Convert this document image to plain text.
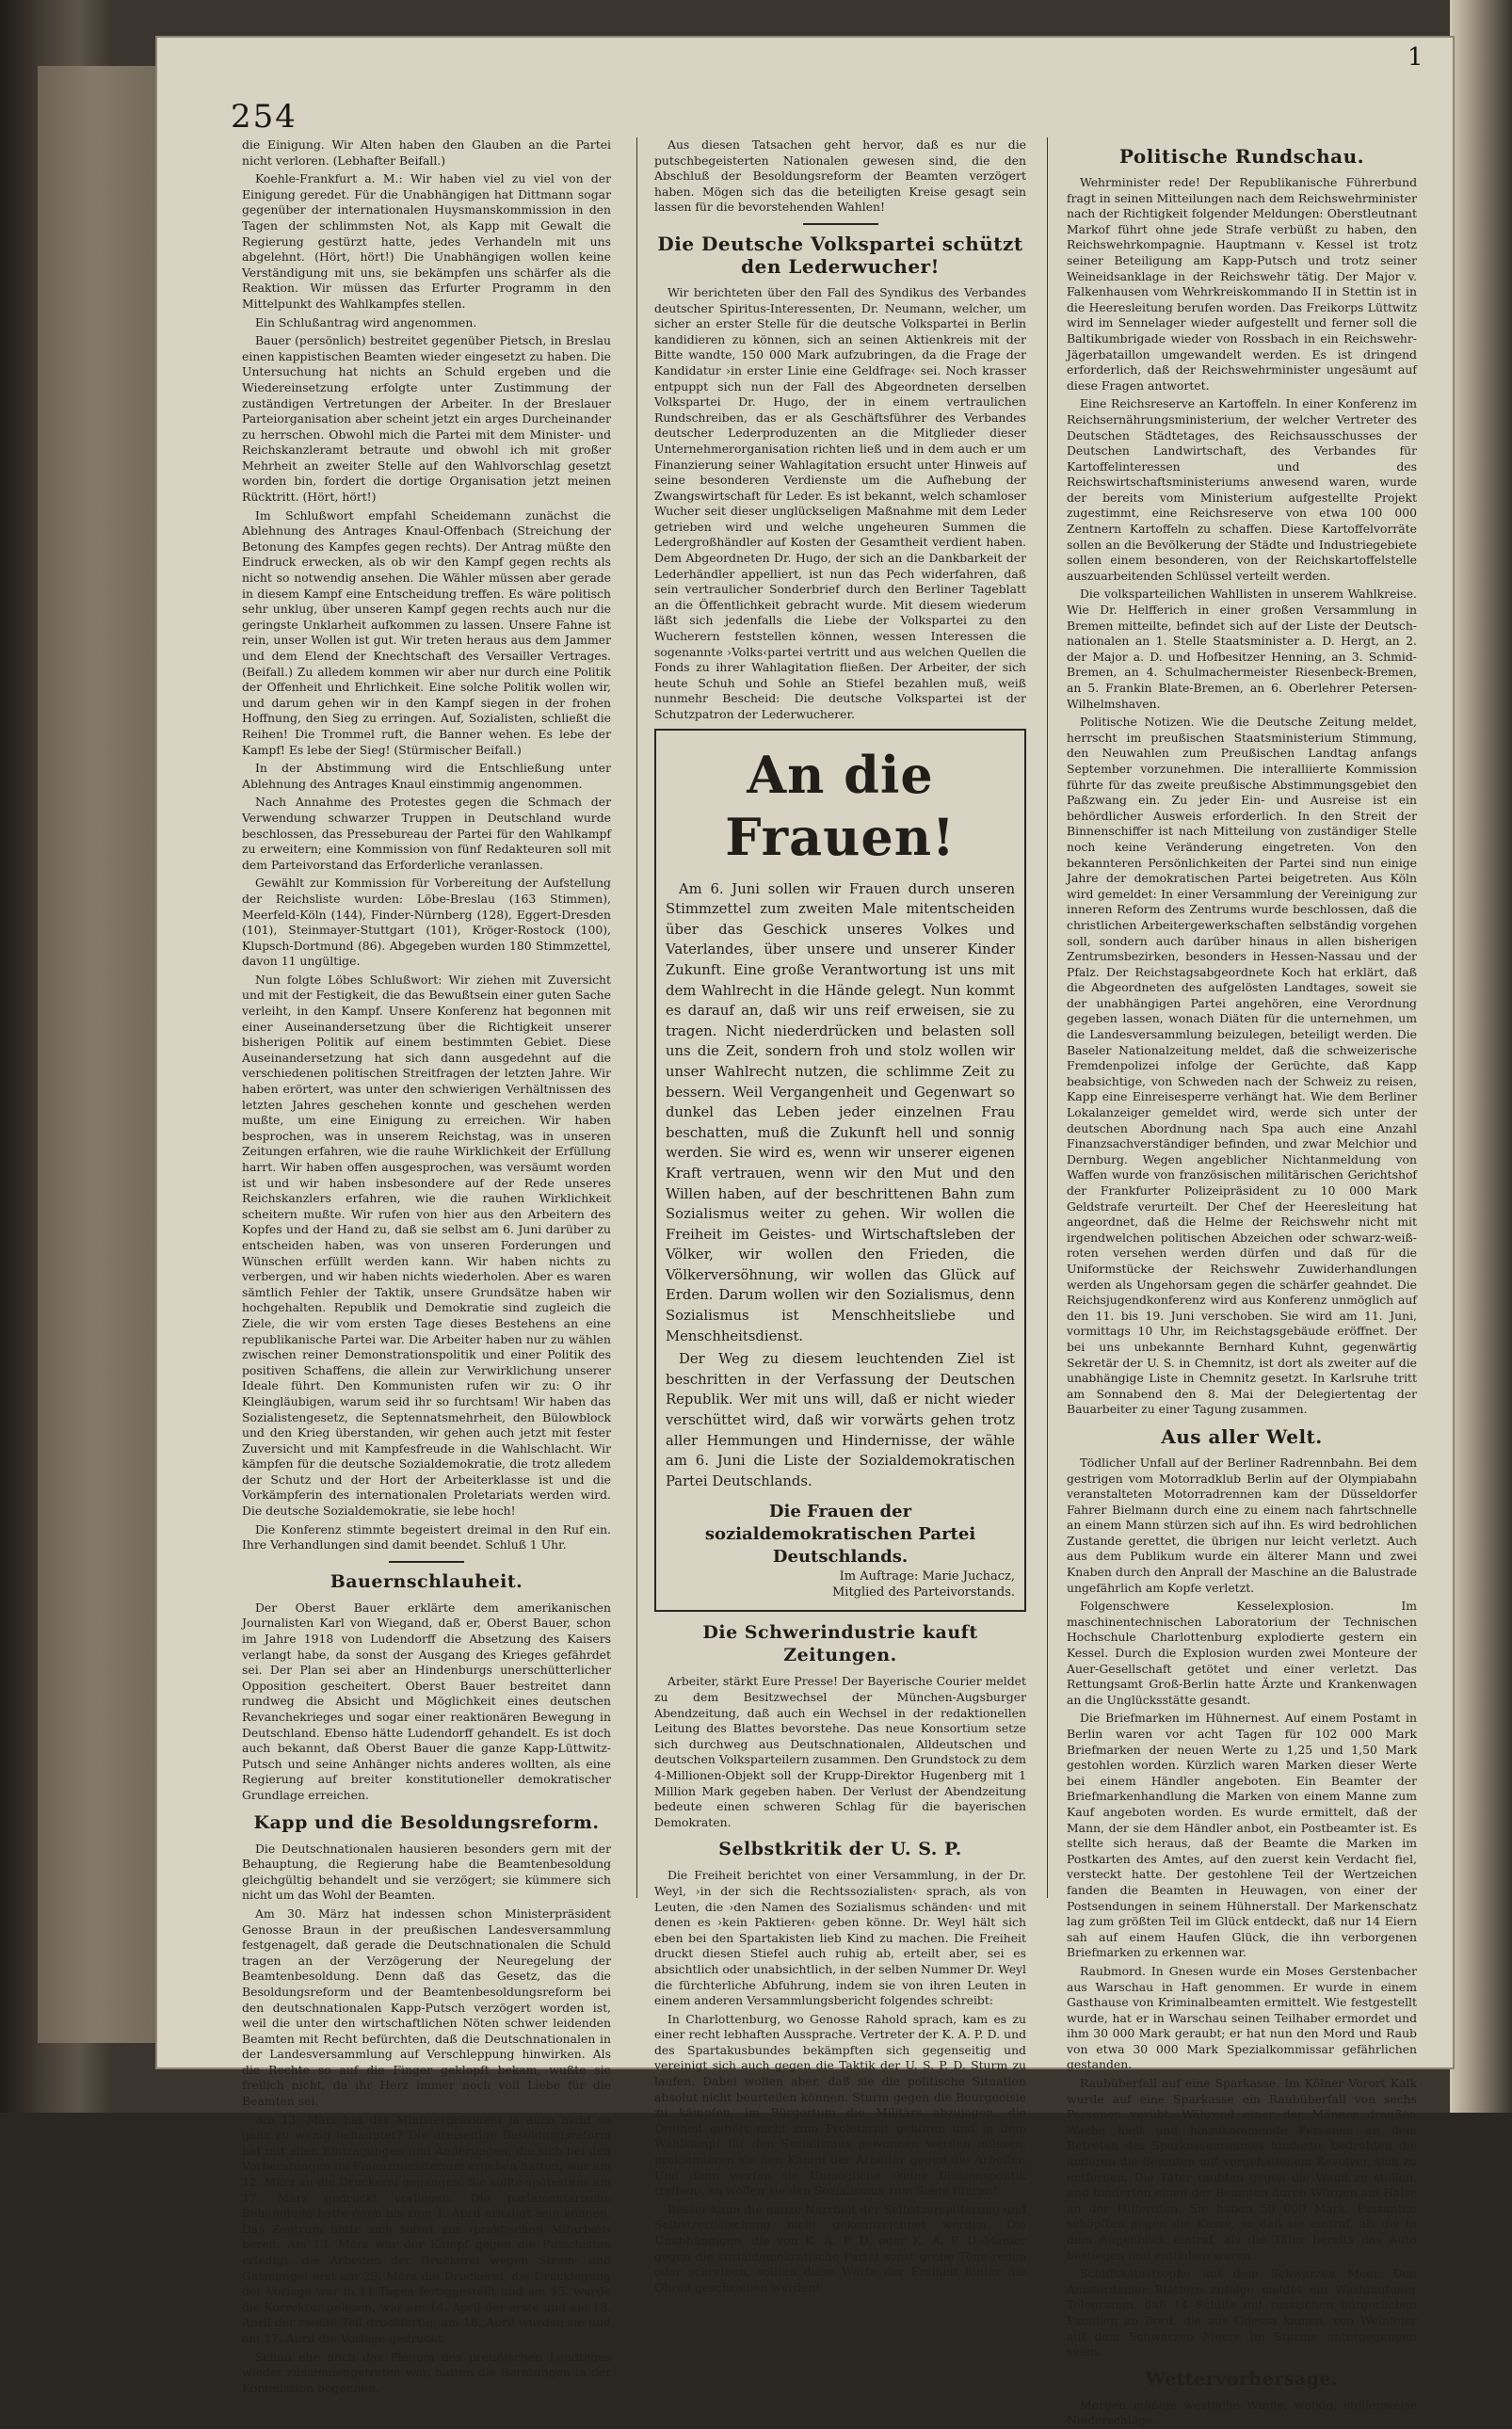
254
1

die Einigung. Wir Alten haben den Glauben an die Partei nicht verloren. (Lebhafter Beifall.)

Koehle-Frankfurt a. M.: Wir haben viel zu viel von der Einigung geredet. Für die Unabhängigen hat Dittmann sogar gegenüber der internationalen Huysmanskommission in den Tagen der schlimmsten Not, als Kapp mit Gewalt die Regierung gestürzt hatte, jedes Verhandeln mit uns abgelehnt. (Hört, hört!) Die Unabhängigen wollen keine Verständigung mit uns, sie bekämpfen uns schärfer als die Reaktion. Wir müssen das Erfurter Programm in den Mittelpunkt des Wahlkampfes stellen.

Ein Schlußantrag wird angenommen.

Bauer (persönlich) bestreitet gegenüber Pietsch, in Breslau einen kappistischen Beamten wieder eingesetzt zu haben. Die Untersuchung hat nichts an Schuld ergeben und die Wiedereinsetzung erfolgte unter Zustimmung der zuständigen Vertretungen der Arbeiter. In der Breslauer Parteiorganisation aber scheint jetzt ein arges Durcheinander zu herrschen. Obwohl mich die Partei mit dem Minister- und Reichskanzleramt betraute und obwohl ich mit großer Mehrheit an zweiter Stelle auf den Wahlvorschlag gesetzt worden bin, fordert die dortige Organisation jetzt meinen Rücktritt. (Hört, hört!)

Im Schlußwort empfahl Scheidemann zunächst die Ablehnung des Antrages Knaul-Offenbach (Streichung der Betonung des Kampfes gegen rechts). Der Antrag müßte den Eindruck erwecken, als ob wir den Kampf gegen rechts als nicht so notwendig ansehen. Die Wähler müssen aber gerade in diesem Kampf eine Entscheidung treffen. Es wäre politisch sehr unklug, über unseren Kampf gegen rechts auch nur die geringste Unklarheit aufkommen zu lassen. Unsere Fahne ist rein, unser Wollen ist gut. Wir treten heraus aus dem Jammer und dem Elend der Knechtschaft des Versailler Vertrages. (Beifall.) Zu alledem kommen wir aber nur durch eine Politik der Offenheit und Ehrlichkeit. Eine solche Politik wollen wir, und darum gehen wir in den Kampf siegen in der frohen Hoffnung, den Sieg zu erringen. Auf, Sozialisten, schließt die Reihen! Die Trommel ruft, die Banner wehen. Es lebe der Kampf! Es lebe der Sieg! (Stürmischer Beifall.)

In der Abstimmung wird die Entschließung unter Ablehnung des Antrages Knaul einstimmig angenommen.

Nach Annahme des Protestes gegen die Schmach der Verwendung schwarzer Truppen in Deutschland wurde beschlossen, das Pressebureau der Partei für den Wahlkampf zu erweitern; eine Kommission von fünf Redakteuren soll mit dem Parteivorstand das Erforderliche veranlassen.

Gewählt zur Kommission für Vorbereitung der Aufstellung der Reichsliste wurden: Löbe-Breslau (163 Stimmen), Meerfeld-Köln (144), Finder-Nürnberg (128), Eggert-Dresden (101), Steinmayer-Stuttgart (101), Kröger-Rostock (100), Klupsch-Dortmund (86). Abgegeben wurden 180 Stimmzettel, davon 11 ungültige.

Nun folgte Löbes Schlußwort: Wir ziehen mit Zuversicht und mit der Festigkeit, die das Bewußtsein einer guten Sache verleiht, in den Kampf. Unsere Konferenz hat begonnen mit einer Auseinandersetzung über die Richtigkeit unserer bisherigen Politik auf einem bestimmten Gebiet. Diese Auseinandersetzung hat sich dann ausgedehnt auf die verschiedenen politischen Streitfragen der letzten Jahre. Wir haben erörtert, was unter den schwierigen Verhältnissen des letzten Jahres geschehen konnte und geschehen werden mußte, um eine Einigung zu erreichen. Wir haben besprochen, was in unserem Reichstag, was in unseren Zeitungen erfahren, wie die rauhe Wirklichkeit der Erfüllung harrt. Wir haben offen ausgesprochen, was versäumt worden ist und wir haben insbesondere auf der Rede unseres Reichskanzlers erfahren, wie die rauhen Wirklichkeit scheitern mußte. Wir rufen von hier aus den Arbeitern des Kopfes und der Hand zu, daß sie selbst am 6. Juni darüber zu entscheiden haben, was von unseren Forderungen und Wünschen erfüllt werden kann. Wir haben nichts zu verbergen, und wir haben nichts wiederholen. Aber es waren sämtlich Fehler der Taktik, unsere Grundsätze haben wir hochgehalten. Republik und Demokratie sind zugleich die Ziele, die wir vom ersten Tage dieses Bestehens an eine republikanische Partei war. Die Arbeiter haben nur zu wählen zwischen reiner Demonstrationspolitik und einer Politik des positiven Schaffens, die allein zur Verwirklichung unserer Ideale führt. Den Kommunisten rufen wir zu: O ihr Kleingläubigen, warum seid ihr so furchtsam! Wir haben das Sozialistengesetz, die Septennatsmehrheit, den Bülowblock und den Krieg überstanden, wir gehen auch jetzt mit fester Zuversicht und mit Kampfesfreude in die Wahlschlacht. Wir kämpfen für die deutsche Sozialdemokratie, die trotz alledem der Schutz und der Hort der Arbeiterklasse ist und die Vorkämpferin des internationalen Proletariats werden wird. Die deutsche Sozialdemokratie, sie lebe hoch!

Die Konferenz stimmte begeistert dreimal in den Ruf ein. Ihre Verhandlungen sind damit beendet. Schluß 1 Uhr.

Bauernschlauheit.

Der Oberst Bauer erklärte dem amerikanischen Journalisten Karl von Wiegand, daß er, Oberst Bauer, schon im Jahre 1918 von Ludendorff die Absetzung des Kaisers verlangt habe, da sonst der Ausgang des Krieges gefährdet sei. Der Plan sei aber an Hindenburgs unerschütterlicher Opposition gescheitert. Oberst Bauer bestreitet dann rundweg die Absicht und Möglichkeit eines deutschen Revanchekrieges und sogar einer reaktionären Bewegung in Deutschland. Ebenso hätte Ludendorff gehandelt. Es ist doch auch bekannt, daß Oberst Bauer die ganze Kapp-Lüttwitz-Putsch und seine Anhänger nichts anderes wollten, als eine Regierung auf breiter konstitutioneller demokratischer Grundlage erreichen.

Kapp und die Besoldungsreform.

Die Deutschnationalen hausieren besonders gern mit der Behauptung, die Regierung habe die Beamtenbesoldung gleichgültig behandelt und sie verzögert; sie kümmere sich nicht um das Wohl der Beamten.

Am 30. März hat indessen schon Ministerpräsident Genosse Braun in der preußischen Landesversammlung festgenagelt, daß gerade die Deutschnationalen die Schuld tragen an der Verzögerung der Neuregelung der Beamtenbesoldung. Denn daß das Gesetz, das die Besoldungsreform und der Beamtenbesoldungsreform bei den deutschnationalen Kapp-Putsch verzögert worden ist, weil die unter den wirtschaftlichen Nöten schwer leidenden Beamten mit Recht befürchten, daß die Deutschnationalen in der Landesversammlung auf Verschleppung hinwirken. Als die Rechte so auf die Finger geklopft bekam, wußte sie freilich nicht, da ihr Herz immer noch voll Liebe für die Beamten sei.

Am 13. März hat der Ministerpräsident ja auch nicht so ganz zu wenig behauptet? Die dreiseitige Besoldungsreform hat mit allen Eintragungen und Änderungen, die sich bei den Vorberatungen im Finanzministerium ergeben hatten, war am 12. März an die Druckerei gegangen. Sie sollte spätestens am 17. März gedruckt vorliegen. Die parlamentarische Behandlung hätte dann bis zum 1. April erledigt sein können. Das Zentrum hatte sich sofort zur ›praktischen Mitarbeit‹ bereit. Am 13. März war der Kampf gegen die Putschisten erledigt, die Arbeiten der Druckerei wegen Strom- und Gasmangel erst am 29. März die Druckerei, die Drucklegung der Vorlage war in 11 Tagen fertiggestellt und am 15. wurde die Korrektur gelesen, war am 14. April der erste und am 18. April der zweite Teil druckfertig; am 16. April wurden sie und am 17. April die Vorlage gedruckt.

Schon ehe noch das Plenum des preußischen Landtages wieder zusammengetreten war, hatten die Beratungen in der Kommission begonnen.

Aus diesen Tatsachen geht hervor, daß es nur die putschbegeisterten Nationalen gewesen sind, die den Abschluß der Besoldungsreform der Beamten verzögert haben. Mögen sich das die beteiligten Kreise gesagt sein lassen für die bevorstehenden Wahlen!

Die Deutsche Volkspartei schützt den Lederwucher!

Wir berichteten über den Fall des Syndikus des Verbandes deutscher Spiritus-Interessenten, Dr. Neumann, welcher, um sicher an erster Stelle für die deutsche Volkspartei in Berlin kandidieren zu können, sich an seinen Aktienkreis mit der Bitte wandte, 150 000 Mark aufzubringen, da die Frage der Kandidatur ›in erster Linie eine Geldfrage‹ sei. Noch krasser entpuppt sich nun der Fall des Abgeordneten derselben Volkspartei Dr. Hugo, der in einem vertraulichen Rundschreiben, das er als Geschäftsführer des Verbandes deutscher Lederproduzenten an die Mitglieder dieser Unternehmerorganisation richten ließ und in dem auch er um Finanzierung seiner Wahlagitation ersucht unter Hinweis auf seine besonderen Verdienste um die Aufhebung der Zwangswirtschaft für Leder. Es ist bekannt, welch schamloser Wucher seit dieser unglückseligen Maßnahme mit dem Leder getrieben wird und welche ungeheuren Summen die Ledergroßhändler auf Kosten der Gesamtheit verdient haben. Dem Abgeordneten Dr. Hugo, der sich an die Dankbarkeit der Lederhändler appelliert, ist nun das Pech widerfahren, daß sein vertraulicher Sonderbrief durch den Berliner Tageblatt an die Öffentlichkeit gebracht wurde. Mit diesem wiederum läßt sich jedenfalls die Liebe der Volkspartei zu den Wucherern feststellen können, wessen Interessen die sogenannte ›Volks‹partei vertritt und aus welchen Quellen die Fonds zu ihrer Wahlagitation fließen. Der Arbeiter, der sich heute Schuh und Sohle an Stiefel bezahlen muß, weiß nunmehr Bescheid: Die deutsche Volkspartei ist der Schutzpatron der Lederwucherer.

An die Frauen!

Am 6. Juni sollen wir Frauen durch unseren Stimmzettel zum zweiten Male mitentscheiden über das Geschick unseres Volkes und Vaterlandes, über unsere und unserer Kinder Zukunft. Eine große Verantwortung ist uns mit dem Wahlrecht in die Hände gelegt. Nun kommt es darauf an, daß wir uns reif erweisen, sie zu tragen. Nicht niederdrücken und belasten soll uns die Zeit, sondern froh und stolz wollen wir unser Wahlrecht nutzen, die schlimme Zeit zu bessern. Weil Vergangenheit und Gegenwart so dunkel das Leben jeder einzelnen Frau beschatten, muß die Zukunft hell und sonnig werden. Sie wird es, wenn wir unserer eigenen Kraft vertrauen, wenn wir den Mut und den Willen haben, auf der beschrittenen Bahn zum Sozialismus weiter zu gehen. Wir wollen die Freiheit im Geistes- und Wirtschaftsleben der Völker, wir wollen den Frieden, die Völkerversöhnung, wir wollen das Glück auf Erden. Darum wollen wir den Sozialismus, denn Sozialismus ist Menschheitsliebe und Menschheitsdienst.

Der Weg zu diesem leuchtenden Ziel ist beschritten in der Verfassung der Deutschen Republik. Wer mit uns will, daß er nicht wieder verschüttet wird, daß wir vorwärts gehen trotz aller Hemmungen und Hindernisse, der wähle am 6. Juni die Liste der Sozialdemokratischen Partei Deutschlands.

Die Frauen der sozialdemokratischen Partei Deutschlands.
Im Auftrage: Marie Juchacz,
Mitglied des Parteivorstands.
Die Schwerindustrie kauft Zeitungen.

Arbeiter, stärkt Eure Presse! Der Bayerische Courier meldet zu dem Besitzwechsel der München-Augsburger Abendzeitung, daß auch ein Wechsel in der redaktionellen Leitung des Blattes bevorstehe. Das neue Konsortium setze sich durchweg aus Deutschnationalen, Alldeutschen und deutschen Volksparteilern zusammen. Den Grundstock zu dem 4-Millionen-Objekt soll der Krupp-Direktor Hugenberg mit 1 Million Mark gegeben haben. Der Verlust der Abendzeitung bedeute einen schweren Schlag für die bayerischen Demokraten.

Selbstkritik der U. S. P.

Die Freiheit berichtet von einer Versammlung, in der Dr. Weyl, ›in der sich die Rechtssozialisten‹ sprach, als von Leuten, die ›den Namen des Sozialismus schänden‹ und mit denen es ›kein Paktieren‹ geben könne. Dr. Weyl hält sich eben bei den Spartakisten lieb Kind zu machen. Die Freiheit druckt diesen Stiefel auch ruhig ab, erteilt aber, sei es absichtlich oder unabsichtlich, in der selben Nummer Dr. Weyl die fürchterliche Abfuhrung, indem sie von ihren Leuten in einem anderen Versammlungsbericht folgendes schreibt:

In Charlottenburg, wo Genosse Rahold sprach, kam es zu einer recht lebhaften Aussprache. Vertreter der K. A. P. D. und des Spartakusbundes bekämpften sich gegenseitig und vereinigt sich auch gegen die Taktik der U. S. P. D. Sturm zu laufen. Dabei wollen aber, daß sie die politische Situation absolut nicht beurteilen können. Sturm gegen die Bourgeoisie zu kämpfen, im Bürgertum die Militärs abzujagen, die Dreiheit gehört nicht zum Proletariat gehören und in dem Wahlkampf für den Sozialismus gewonnen werden müssen, proklamieren sie den Kampf der Arbeiter gegen die Arbeiter. Und dann werfen sie Unmögliche ›keine Illusionspolitik treiben‹, so wollen sie den Sozialismus zum Siege führen!

Besser kann die ganze Narrheit der Selbstzerspliterung und Selbstzerfleischung nicht gekennzeichnet werden. Die Unabhängigen, die von K. A. P. D. oder K. A. P. D.-Manier gegen die sozialdemokratische Partei sonst grobe Töne reden oder schreiben, sollten diese Worte der Freiheit hinter die Ohren geschrieben werden!

Politische Rundschau.

Wehrminister rede! Der Republikanische Führerbund fragt in seinen Mitteilungen nach dem Reichswehrminister nach der Richtigkeit folgender Meldungen: Oberstleutnant Markof führt ohne jede Strafe verbüßt zu haben, den Reichswehrkompagnie. Hauptmann v. Kessel ist trotz seiner Beteiligung am Kapp-Putsch und trotz seiner Weineidsanklage in der Reichswehr tätig. Der Major v. Falkenhausen vom Wehrkreiskommando II in Stettin ist in die Heeresleitung berufen worden. Das Freikorps Lüttwitz wird im Sennelager wieder aufgestellt und ferner soll die Baltikumbrigade wieder von Rossbach in ein Reichswehr-Jägerbataillon umgewandelt werden. Es ist dringend erforderlich, daß der Reichswehrminister ungesäumt auf diese Fragen antwortet.

Eine Reichsreserve an Kartoffeln. In einer Konferenz im Reichsernährungsministerium, der welcher Vertreter des Deutschen Städtetages, des Reichsausschusses der Deutschen Landwirtschaft, des Verbandes für Kartoffelinteressen und des Reichswirtschaftsministeriums anwesend waren, wurde der bereits vom Ministerium aufgestellte Projekt zugestimmt, eine Reichsreserve von etwa 100 000 Zentnern Kartoffeln zu schaffen. Diese Kartoffelvorräte sollen an die Bevölkerung der Städte und Industriegebiete sollen einem besonderen, von der Reichskartoffelstelle auszuarbeitenden Schlüssel verteilt werden.

Die volksparteilichen Wahllisten in unserem Wahlkreise. Wie Dr. Helfferich in einer großen Versammlung in Bremen mitteilte, befindet sich auf der Liste der Deutsch-nationalen an 1. Stelle Staatsminister a. D. Hergt, an 2. der Major a. D. und Hofbesitzer Henning, an 3. Schmid-Bremen, an 4. Schulmachermeister Riesenbeck-Bremen, an 5. Frankin Blate-Bremen, an 6. Oberlehrer Petersen-Wilhelmshaven.

Politische Notizen. Wie die Deutsche Zeitung meldet, herrscht im preußischen Staatsministerium Stimmung, den Neuwahlen zum Preußischen Landtag anfangs September vorzunehmen. Die interalliierte Kommission führte für das zweite preußische Abstimmungsgebiet den Paßzwang ein. Zu jeder Ein- und Ausreise ist ein behördlicher Ausweis erforderlich. In den Streit der Binnenschiffer ist nach Mitteilung von zuständiger Stelle noch keine Veränderung eingetreten. Von den bekannteren Persönlichkeiten der Partei sind nun einige Jahre der demokratischen Partei beigetreten. Aus Köln wird gemeldet: In einer Versammlung der Vereinigung zur inneren Reform des Zentrums wurde beschlossen, daß die christlichen Arbeitergewerkschaften selbständig vorgehen soll, sondern auch darüber hinaus in allen bisherigen Zentrumsbezirken, besonders in Hessen-Nassau und der Pfalz. Der Reichstagsabgeordnete Koch hat erklärt, daß die Abgeordneten des aufgelösten Landtages, soweit sie der unabhängigen Partei angehören, eine Verordnung gegeben lassen, wonach Diäten für die unternehmen, um die Landesversammlung beizulegen, beteiligt werden. Die Baseler Nationalzeitung meldet, daß die schweizerische Fremdenpolizei infolge der Gerüchte, daß Kapp beabsichtige, von Schweden nach der Schweiz zu reisen, Kapp eine Einreisesperre verhängt hat. Wie dem Berliner Lokalanzeiger gemeldet wird, werde sich unter der deutschen Abordnung nach Spa auch eine Anzahl Finanzsachverständiger befinden, und zwar Melchior und Dernburg. Wegen angeblicher Nichtanmeldung von Waffen wurde von französischen militärischen Gerichtshof der Frankfurter Polizeipräsident zu 10 000 Mark Geldstrafe verurteilt. Der Chef der Heeresleitung hat angeordnet, daß die Helme der Reichswehr nicht mit irgendwelchen politischen Abzeichen oder schwarz-weiß-roten versehen werden dürfen und daß für die Uniformstücke der Reichswehr Zuwiderhandlungen werden als Ungehorsam gegen die schärfer geahndet. Die Reichsjugendkonferenz wird aus Konferenz unmöglich auf den 11. bis 19. Juni verschoben. Sie wird am 11. Juni, vormittags 10 Uhr, im Reichstagsgebäude eröffnet. Der bei uns unbekannte Bernhard Kuhnt, gegenwärtig Sekretär der U. S. in Chemnitz, ist dort als zweiter auf die unabhängige Liste in Chemnitz gesetzt. In Karlsruhe tritt am Sonnabend den 8. Mai der Delegiertentag der Bauarbeiter zu einer Tagung zusammen.

Aus aller Welt.

Tödlicher Unfall auf der Berliner Radrennbahn. Bei dem gestrigen vom Motorradklub Berlin auf der Olympiabahn veranstalteten Motorradrennen kam der Düsseldorfer Fahrer Bielmann durch eine zu einem nach fahrtschnelle an einem Mann stürzen sich auf ihn. Es wird bedrohlichen Zustande gerettet, die übrigen nur leicht verletzt. Auch aus dem Publikum wurde ein älterer Mann und zwei Knaben durch den Anprall der Maschine an die Balustrade ungefährlich am Kopfe verletzt.

Folgenschwere Kesselexplosion. Im maschinentechnischen Laboratorium der Technischen Hochschule Charlottenburg explodierte gestern ein Kessel. Durch die Explosion wurden zwei Monteure der Auer-Gesellschaft getötet und einer verletzt. Das Rettungsamt Groß-Berlin hatte Ärzte und Krankenwagen an die Unglücksstätte gesandt.

Die Briefmarken im Hühnernest. Auf einem Postamt in Berlin waren vor acht Tagen für 102 000 Mark Briefmarken der neuen Werte zu 1,25 und 1,50 Mark gestohlen worden. Kürzlich waren Marken dieser Werte bei einem Händler angeboten. Ein Beamter der Briefmarkenhandlung die Marken von einem Manne zum Kauf angeboten worden. Es wurde ermittelt, daß der Mann, der sie dem Händler anbot, ein Postbeamter ist. Es stellte sich heraus, daß der Beamte die Marken im Postkarten des Amtes, auf den zuerst kein Verdacht fiel, versteckt hatte. Der gestohlene Teil der Wertzeichen fanden die Beamten in Heuwagen, von einer der Postsendungen in seinem Hühnerstall. Der Markenschatz lag zum größten Teil im Glück entdeckt, daß nur 14 Eiern sah auf einem Haufen Glück, die ihn verborgenen Briefmarken zu erkennen war.

Raubmord. In Gnesen wurde ein Moses Gerstenbacher aus Warschau in Haft genommen. Er wurde in einem Gasthause von Kriminalbeamten ermittelt. Wie festgestellt wurde, hat er in Warschau seinen Teilhaber ermordet und ihm 30 000 Mark geraubt; er hat nun den Mord und Raub von etwa 30 000 Mark Spezialkommissar gefährlichen gestanden.

Raubüberfall auf eine Sparkasse. Im Kölner Vorort Kalk wurde auf eine Sparkasse ein Raubüberfall von sechs Personen verübt. Während einer der Männer draußen Wache hielt und hinzukommende Personen an dem Betreten des Sparkassenraumes hinderte, bedrohten die anderen die Beamten mit vorgehaltenem Revolver, sich zu entfernen. Die Täter raubten gegen die Wand zu stellen, und hinderten einen der Beamten durch Würgen am Halse an der Hilferufen. Sie haben 50 000 Mark. Passanten schöpften gegen die Kasse, so daß sie eintraf, als die in dem Augenblick eintraf, als die Täter bereits das Auto bestiegen und entflohen waren.

Schiffskatastrophe auf dem Schwarzen Meer. Den Amsterdamer Blättern zufolge meldet ein Washingtoner Telegramm, daß 14 Schiffe mit russischen bürgerlichen Familien an Bord, die aus Odessa kamen, von Weinfeier auf dem Schwarzen Meere im Sturme untergegangen seien.

Wettervorhersage.

Morgen mäßige westliche Winde, wolkig, stellenweise Niederschläge.
